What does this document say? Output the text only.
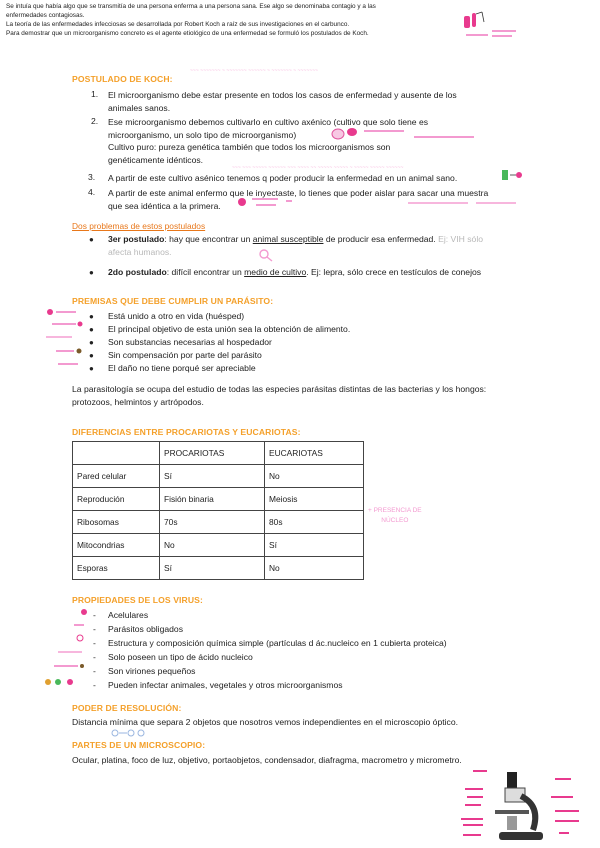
Se intuía que había algo que se transmitía de una persona enferma a una persona sana. Ese algo se denominaba contagio y a las
enfermedades contagiosas.
La teoría de las enfermedades infecciosas se desarrollada por Robert Koch a raíz de sus investigaciones en el carbunco.
Para demostrar que un microorganismo concreto es el agente etiológico de una enfermedad se formuló los postulados de Koch.
POSTULADO DE KOCH:
~~~ ~~~~~~~ ~ ~~~~~~~ ~~~~~~ ~ ~~~~~~~ ~ ~~~~~~~
1. El microorganismo debe estar presente en todos los casos de enfermedad y ausente de los
animales sanos.
2. Ese microorganismo debemos cultivarlo en cultivo axénico (cultivo que solo tiene es
microorganismo, un solo tipo de microorganismo)
Cultivo puro: pureza genética también que todos los microorganismos son
genéticamente idénticos.
3. A partir de este cultivo asénico tenemos q poder producir la enfermedad en un animal sano.
~~~ ~~~ ~~~~~ ~~~~~~ ~~~ ~~~~ ~~ ~~~~~ ~~~~~ ~ ~~~~~ ~~~~~ ~~~~~~
4. A partir de este animal enfermo que le inyectaste, lo tienes que poder aislar para sacar una muestra
que sea idéntica a la primera.
Dos problemas de estos postulados
● 3er postulado: hay que encontrar un animal susceptible de producir esa enfermedad. Ej: VIH sólo
afecta humanos.
● 2do postulado: difícil encontrar un medio de cultivo. Ej: lepra, sólo crece en testículos de conejos
PREMISAS QUE DEBE CUMPLIR UN PARÁSITO:
● Está unido a otro en vida (huésped)
● El principal objetivo de esta unión sea la obtención de alimento.
● Son substancias necesarias al hospedador
● Sin compensación por parte del parásito
● El daño no tiene porqué ser apreciable
La parasitología se ocupa del estudio de todas las especies parásitas distintas de las bacterias y los hongos:
protozoos, helmintos y artrópodos.
DIFERENCIAS ENTRE PROCARIOTAS Y EUCARIOTAS:
	PROCARIOTAS	EUCARIOTAS
Pared celular	Sí	No
Reprodución	Fisión binaria	Meiosis
Ribosomas	70s	80s
Mitocondrias	No	Sí
Esporas	Sí	No
+ PRESENCIA DE
NÚCLEO
PROPIEDADES DE LOS VIRUS:
- Acelulares
- Parásitos obligados
- Estructura y composición química simple (partículas d ác.nucleico en 1 cubierta proteica)
- Solo poseen un tipo de ácido nucleico
- Son viriones pequeños
- Pueden infectar animales, vegetales y otros microorganismos
PODER DE RESOLUCIÓN:
Distancia mínima que separa 2 objetos que nosotros vemos independientes en el microscopio óptico.
PARTES DE UN MICROSCOPIO:
Ocular, platina, foco de luz, objetivo, portaobjetos, condensador, diafragma, macrometro y micrometro.
